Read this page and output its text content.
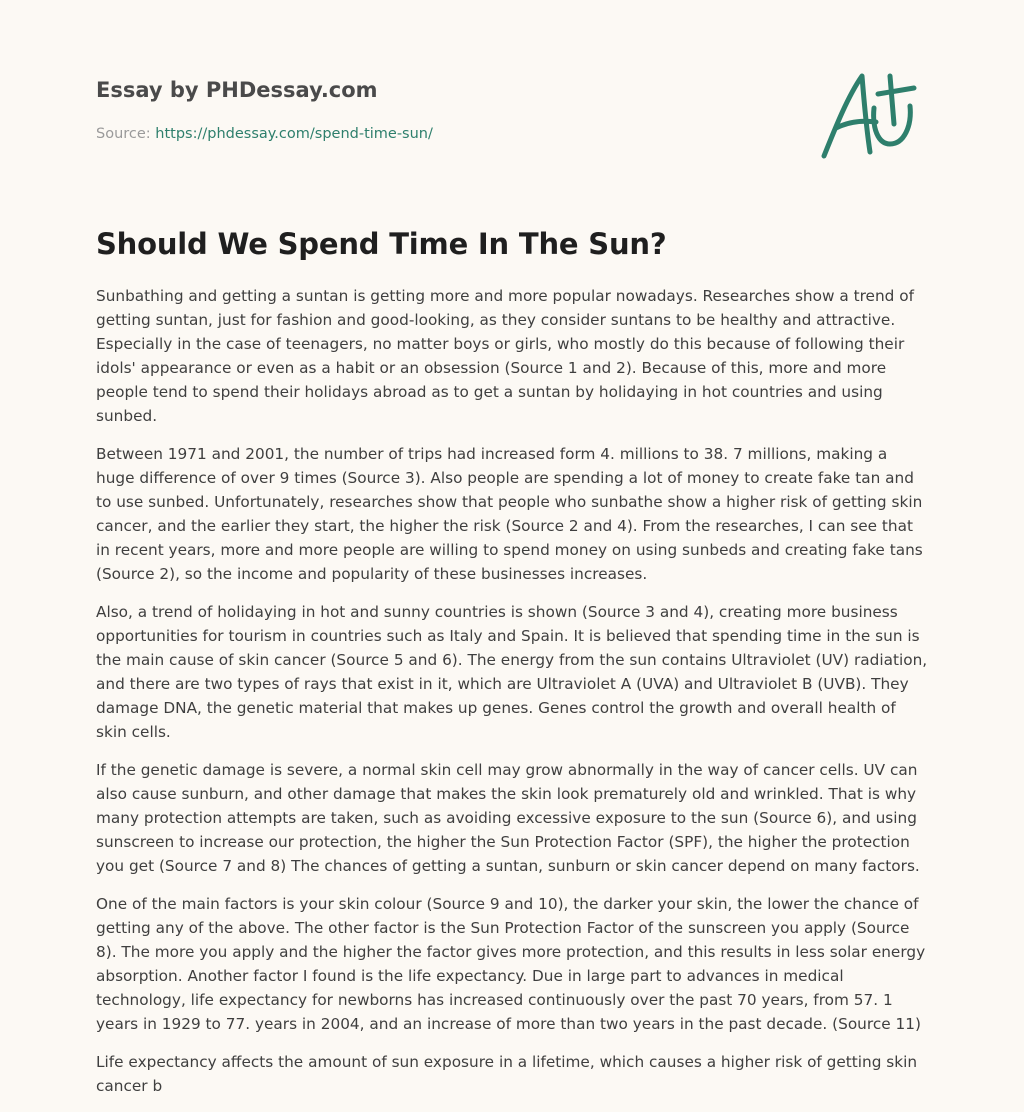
Essay by PHDessay.com
Source: https://phdessay.com/spend-time-sun/
Should We Spend Time In The Sun?

Sunbathing and getting a suntan is getting more and more popular nowadays. Researches show a trend of getting suntan, just for fashion and good-looking, as they consider suntans to be healthy and attractive. Especially in the case of teenagers, no matter boys or girls, who mostly do this because of following their idols' appearance or even as a habit or an obsession (Source 1 and 2). Because of this, more and more people tend to spend their holidays abroad as to get a suntan by holidaying in hot countries and using sunbed.

Between 1971 and 2001, the number of trips had increased form 4. millions to 38. 7 millions, making a huge difference of over 9 times (Source 3). Also people are spending a lot of money to create fake tan and to use sunbed. Unfortunately, researches show that people who sunbathe show a higher risk of getting skin cancer, and the earlier they start, the higher the risk (Source 2 and 4). From the researches, I can see that in recent years, more and more people are willing to spend money on using sunbeds and creating fake tans (Source 2), so the income and popularity of these businesses increases.

Also, a trend of holidaying in hot and sunny countries is shown (Source 3 and 4), creating more business opportunities for tourism in countries such as Italy and Spain. It is believed that spending time in the sun is the main cause of skin cancer (Source 5 and 6). The energy from the sun contains Ultraviolet (UV) radiation, and there are two types of rays that exist in it, which are Ultraviolet A (UVA) and Ultraviolet B (UVB). They damage DNA, the genetic material that makes up genes. Genes control the growth and overall health of skin cells.

If the genetic damage is severe, a normal skin cell may grow abnormally in the way of cancer cells. UV can also cause sunburn, and other damage that makes the skin look prematurely old and wrinkled. That is why many protection attempts are taken, such as avoiding excessive exposure to the sun (Source 6), and using sunscreen to increase our protection, the higher the Sun Protection Factor (SPF), the higher the protection you get (Source 7 and 8) The chances of getting a suntan, sunburn or skin cancer depend on many factors.

One of the main factors is your skin colour (Source 9 and 10), the darker your skin, the lower the chance of getting any of the above. The other factor is the Sun Protection Factor of the sunscreen you apply (Source 8). The more you apply and the higher the factor gives more protection, and this results in less solar energy absorption. Another factor I found is the life expectancy. Due in large part to advances in medical technology, life expectancy for newborns has increased continuously over the past 70 years, from 57. 1 years in 1929 to 77. years in 2004, and an increase of more than two years in the past decade. (Source 11)

Life expectancy affects the amount of sun exposure in a lifetime, which causes a higher risk of getting skin cancer b
